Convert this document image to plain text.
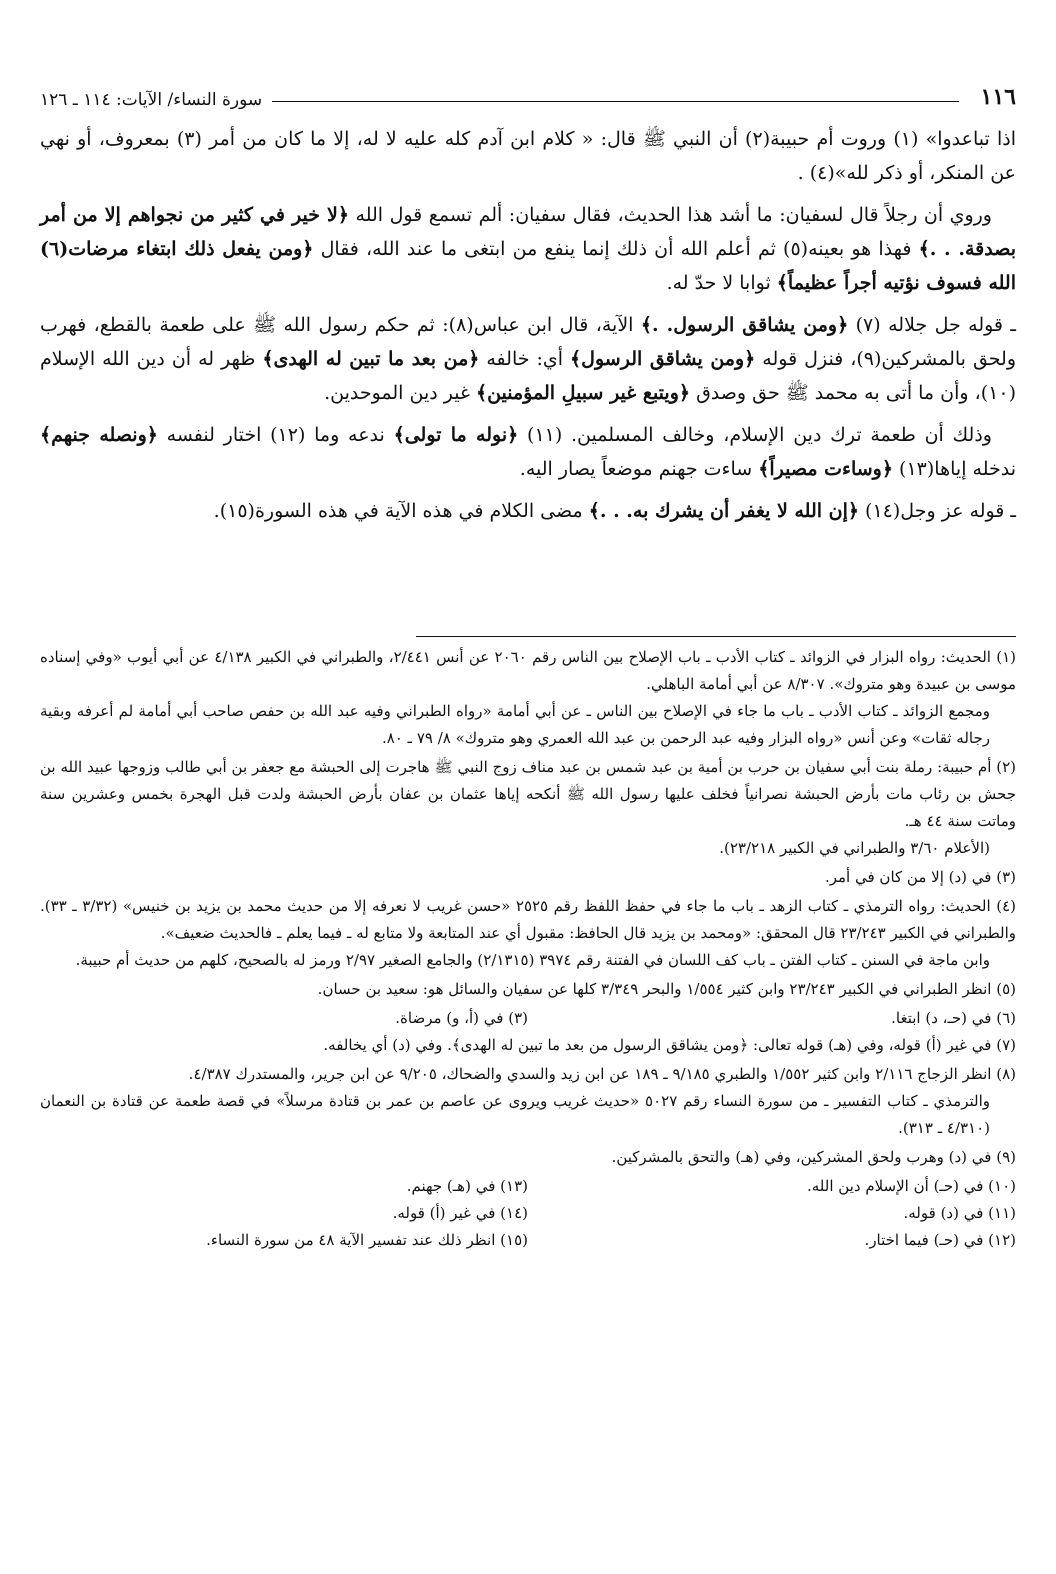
١١٦
سورة النساء/ الآيات: ١١٤ ـ ١٢٦

اذا تباعدوا» (١) وروت أم حبيبة(٢) أن النبي ﷺ قال: « كلام ابن آدم كله عليه لا له، إلا ما كان من أمر (٣) بمعروف، أو نهي عن المنكر، أو ذكر لله»(٤) .

وروي أن رجلاً قال لسفيان: ما أشد هذا الحديث، فقال سفيان: ألم تسمع قول الله ﴿لا خير في كثير من نجواهم إلا من أمر بصدقة. . .﴾ فهذا هو بعينه(٥) ثم أعلم الله أن ذلك إنما ينفع من ابتغى ما عند الله، فقال ﴿ومن يفعل ذلك ابتغاء مرضات(٦) الله فسوف نؤتيه أجراً عظيماً﴾ ثوابا لا حدّ له.

ـ قوله جل جلاله (٧) ﴿ومن يشاقق الرسول. .﴾ الآية، قال ابن عباس(٨): ثم حكم رسول الله ﷺ على طعمة بالقطع، فهرب ولحق بالمشركين(٩)، فنزل قوله ﴿ومن يشاقق الرسول﴾ أي: خالفه ﴿من بعد ما تبين له الهدى﴾ ظهر له أن دين الله الإسلام (١٠)، وأن ما أتى به محمد ﷺ حق وصدق ﴿ويتبع غير سبيلِ المؤمنين﴾ غير دين الموحدين.

وذلك أن طعمة ترك دين الإسلام، وخالف المسلمين. (١١) ﴿نوله ما تولى﴾ ندعه وما (١٢) اختار لنفسه ﴿ونصله جنهم﴾ ندخله إياها(١٣) ﴿وساءت مصيراً﴾ ساءت جهنم موضعاً يصار اليه.

ـ قوله عز وجل(١٤) ﴿إن الله لا يغفر أن يشرك به. . .﴾ مضى الكلام في هذه الآية في هذه السورة(١٥).

(١) الحديث: رواه البزار في الزوائد ـ كتاب الأدب ـ باب الإصلاح بين الناس رقم ٢٠٦٠ عن أنس ٢/٤٤١، والطبراني في الكبير ٤/١٣٨ عن أبي أيوب «وفي إسناده موسى بن عبيدة وهو متروك». ٨/٣٠٧ عن أبي أمامة الباهلي.
ومجمع الزوائد ـ كتاب الأدب ـ باب ما جاء في الإصلاح بين الناس ـ عن أبي أمامة «رواه الطبراني وفيه عبد الله بن حفص صاحب أبي أمامة لم أعرفه وبقية رجاله ثقات» وعن أنس «رواه البزار وفيه عبد الرحمن بن عبد الله العمري وهو متروك» ٨/ ٧٩ ـ ٨٠.
(٢) أم حبيبة: رملة بنت أبي سفيان بن حرب بن أمية بن عبد شمس بن عبد مناف زوج النبي ﷺ هاجرت إلى الحبشة مع جعفر بن أبي طالب وزوجها عبيد الله بن جحش بن رئاب مات بأرض الحبشة نصرانياً فخلف عليها رسول الله ﷺ أنكحه إياها عثمان بن عفان بأرض الحبشة ولدت قبل الهجرة بخمس وعشرين سنة وماتت سنة ٤٤ هـ.
(الأعلام ٣/٦٠ والطبراني في الكبير ٢٣/٢١٨).
(٣) في (د) إلا من كان في أمر.
(٤) الحديث: رواه الترمذي ـ كتاب الزهد ـ باب ما جاء في حفظ اللفظ رقم ٢٥٢٥ «حسن غريب لا نعرفه إلا من حديث محمد بن يزيد بن خنيس» (٣/٣٢ ـ ٣٣). والطبراني في الكبير ٢٣/٢٤٣ قال المحقق: «ومحمد بن يزيد قال الحافظ: مقبول أي عند المتابعة ولا متابع له ـ فيما يعلم ـ فالحديث ضعيف».
وابن ماجة في السنن ـ كتاب الفتن ـ باب كف اللسان في الفتنة رقم ٣٩٧٤ (٢/١٣١٥) والجامع الصغير ٢/٩٧ ورمز له بالصحيح، كلهم من حديث أم حبيبة.
(٥) انظر الطبراني في الكبير ٢٣/٢٤٣ وابن كثير ١/٥٥٤ والبحر ٣/٣٤٩ كلها عن سفيان والسائل هو: سعيد بن حسان.
(٦) في (حـ، د) ابتغا.
(٣) في (أ، و) مرضاة.
(٧) في غير (أ) قوله، وفي (هـ) قوله تعالى: ﴿ومن يشاقق الرسول من بعد ما تبين له الهدى﴾. وفي (د) أي يخالفه.
(٨) انظر الزجاج ٢/١١٦ وابن كثير ١/٥٥٢ والطبري ٩/١٨٥ ـ ١٨٩ عن ابن زيد والسدي والضحاك، ٩/٢٠٥ عن ابن جرير، والمستدرك ٤/٣٨٧.
والترمذي ـ كتاب التفسير ـ من سورة النساء رقم ٥٠٢٧ «حديث غريب ويروى عن عاصم بن عمر بن قتادة مرسلاً» في قصة طعمة عن قتادة بن النعمان (٤/٣١٠ ـ ٣١٣).
(٩) في (د) وهرب ولحق المشركين، وفي (هـ) والتحق بالمشركين.
(١٠) في (حـ) أن الإسلام دين الله.
(١١) في (د) قوله.
(١٢) في (حـ) فيما اختار.
(١٣) في (هـ) جهنم.
(١٤) في غير (أ) قوله.
(١٥) انظر ذلك عند تفسير الآية ٤٨ من سورة النساء.
